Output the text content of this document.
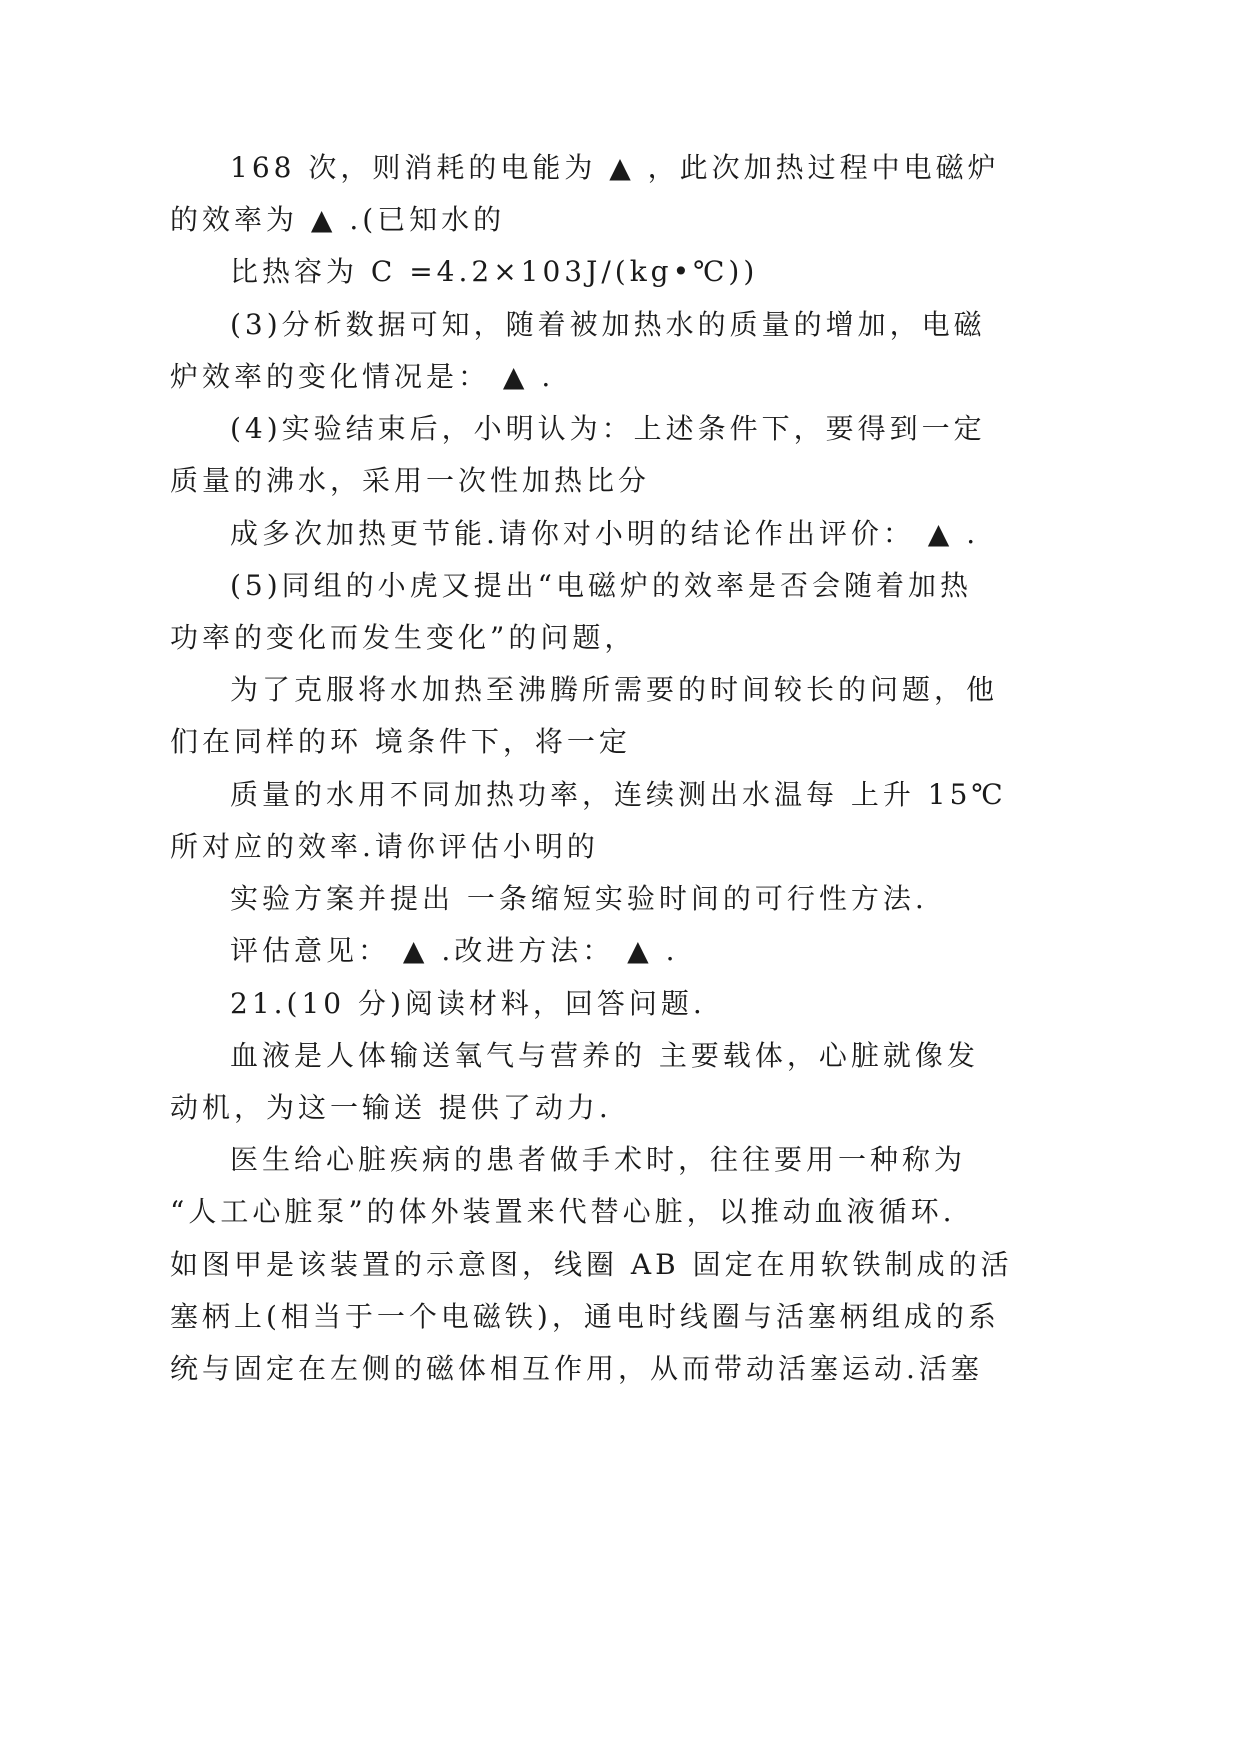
168 次，则消耗的电能为 ▲ ，此次加热过程中电磁炉
的效率为 ▲ .(已知水的
比热容为 C =4.2×103J/(kg•℃))
(3)分析数据可知，随着被加热水的质量的增加，电磁
炉效率的变化情况是： ▲ .
(4)实验结束后，小明认为：上述条件下，要得到一定
质量的沸水，采用一次性加热比分
成多次加热更节能.请你对小明的结论作出评价： ▲ .
(5)同组的小虎又提出“电磁炉的效率是否会随着加热
功率的变化而发生变化”的问题，
为了克服将水加热至沸腾所需要的时间较长的问题，他
们在同样的环 境条件下，将一定
质量的水用不同加热功率，连续测出水温每 上升 15℃
所对应的效率.请你评估小明的
实验方案并提出 一条缩短实验时间的可行性方法.
评估意见： ▲ .改进方法： ▲ .
21.(10 分)阅读材料，回答问题.
血液是人体输送氧气与营养的 主要载体，心脏就像发
动机，为这一输送 提供了动力.
医生给心脏疾病的患者做手术时，往往要用一种称为
“人工心脏泵”的体外装置来代替心脏，以推动血液循环.
如图甲是该装置的示意图，线圈 AB 固定在用软铁制成的活
塞柄上(相当于一个电磁铁)，通电时线圈与活塞柄组成的系
统与固定在左侧的磁体相互作用，从而带动活塞运动.活塞
